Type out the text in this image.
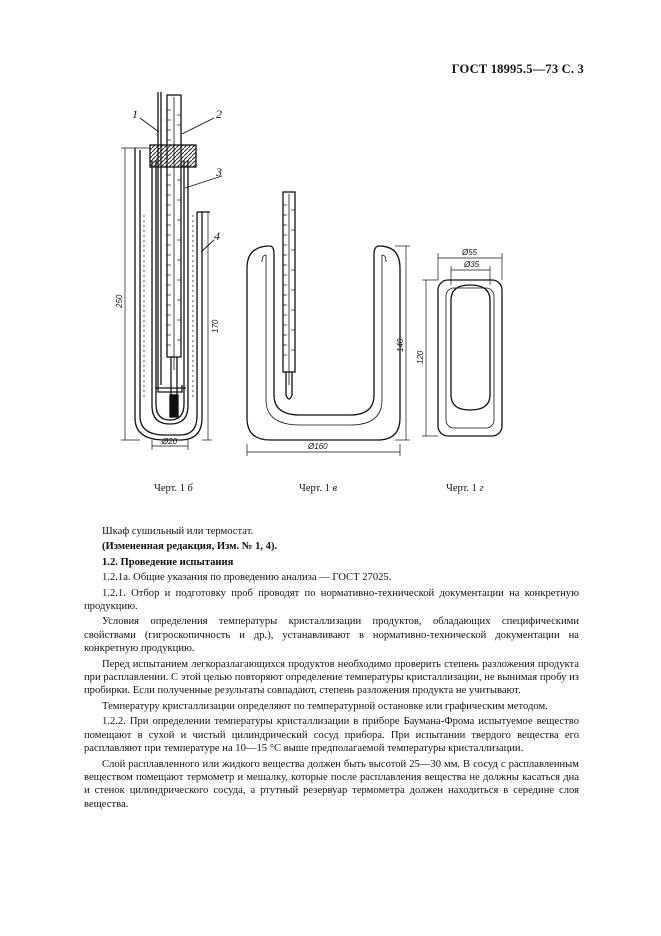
ГОСТ 18995.5—73 С. 3
1	2
3
4
250
170
Ø20
140
Ø160
Ø55
Ø35
120
Черт. 1 б	Черт. 1 в	Черт. 1 г

Шкаф сушильный или термостат.

(Измененная редакция, Изм. № 1, 4).

1.2. Проведение испытания

1.2.1а. Общие указания по проведению анализа — ГОСТ 27025.

1.2.1. Отбор и подготовку проб проводят по нормативно-технической документации на конкретную продукцию.

Условия определения температуры кристаллизации продуктов, обладающих специфическими свойствами (гигроскопичность и др.), устанавливают в нормативно-технической документации на конкретную продукцию.

Перед испытанием легкоразлагающихся продуктов необходимо проверить степень разложения продукта при расплавлении. С этой целью повторяют определение температуры кристаллизации, не вынимая пробу из пробирки. Если полученные результаты совпадают, степень разложения продукта не учитывают.

Температуру кристаллизации определяют по температурной остановке или графическим методом.

1.2.2. При определении температуры кристаллизации в приборе Баумана-Фрома испытуемое вещество помещают в сухой и чистый цилиндрический сосуд прибора. При испытании твердого вещества его расплавляют при температуре на 10—15 °С выше предполагаемой температуры кристаллизации.

Слой расплавленного или жидкого вещества должен быть высотой 25—30 мм. В сосуд с расплавленным веществом помещают термометр и мешалку, которые после расплавления вещества не должны касаться дна и стенок цилиндрического сосуда, а ртутный резервуар термометра должен находиться в середине слоя вещества.
